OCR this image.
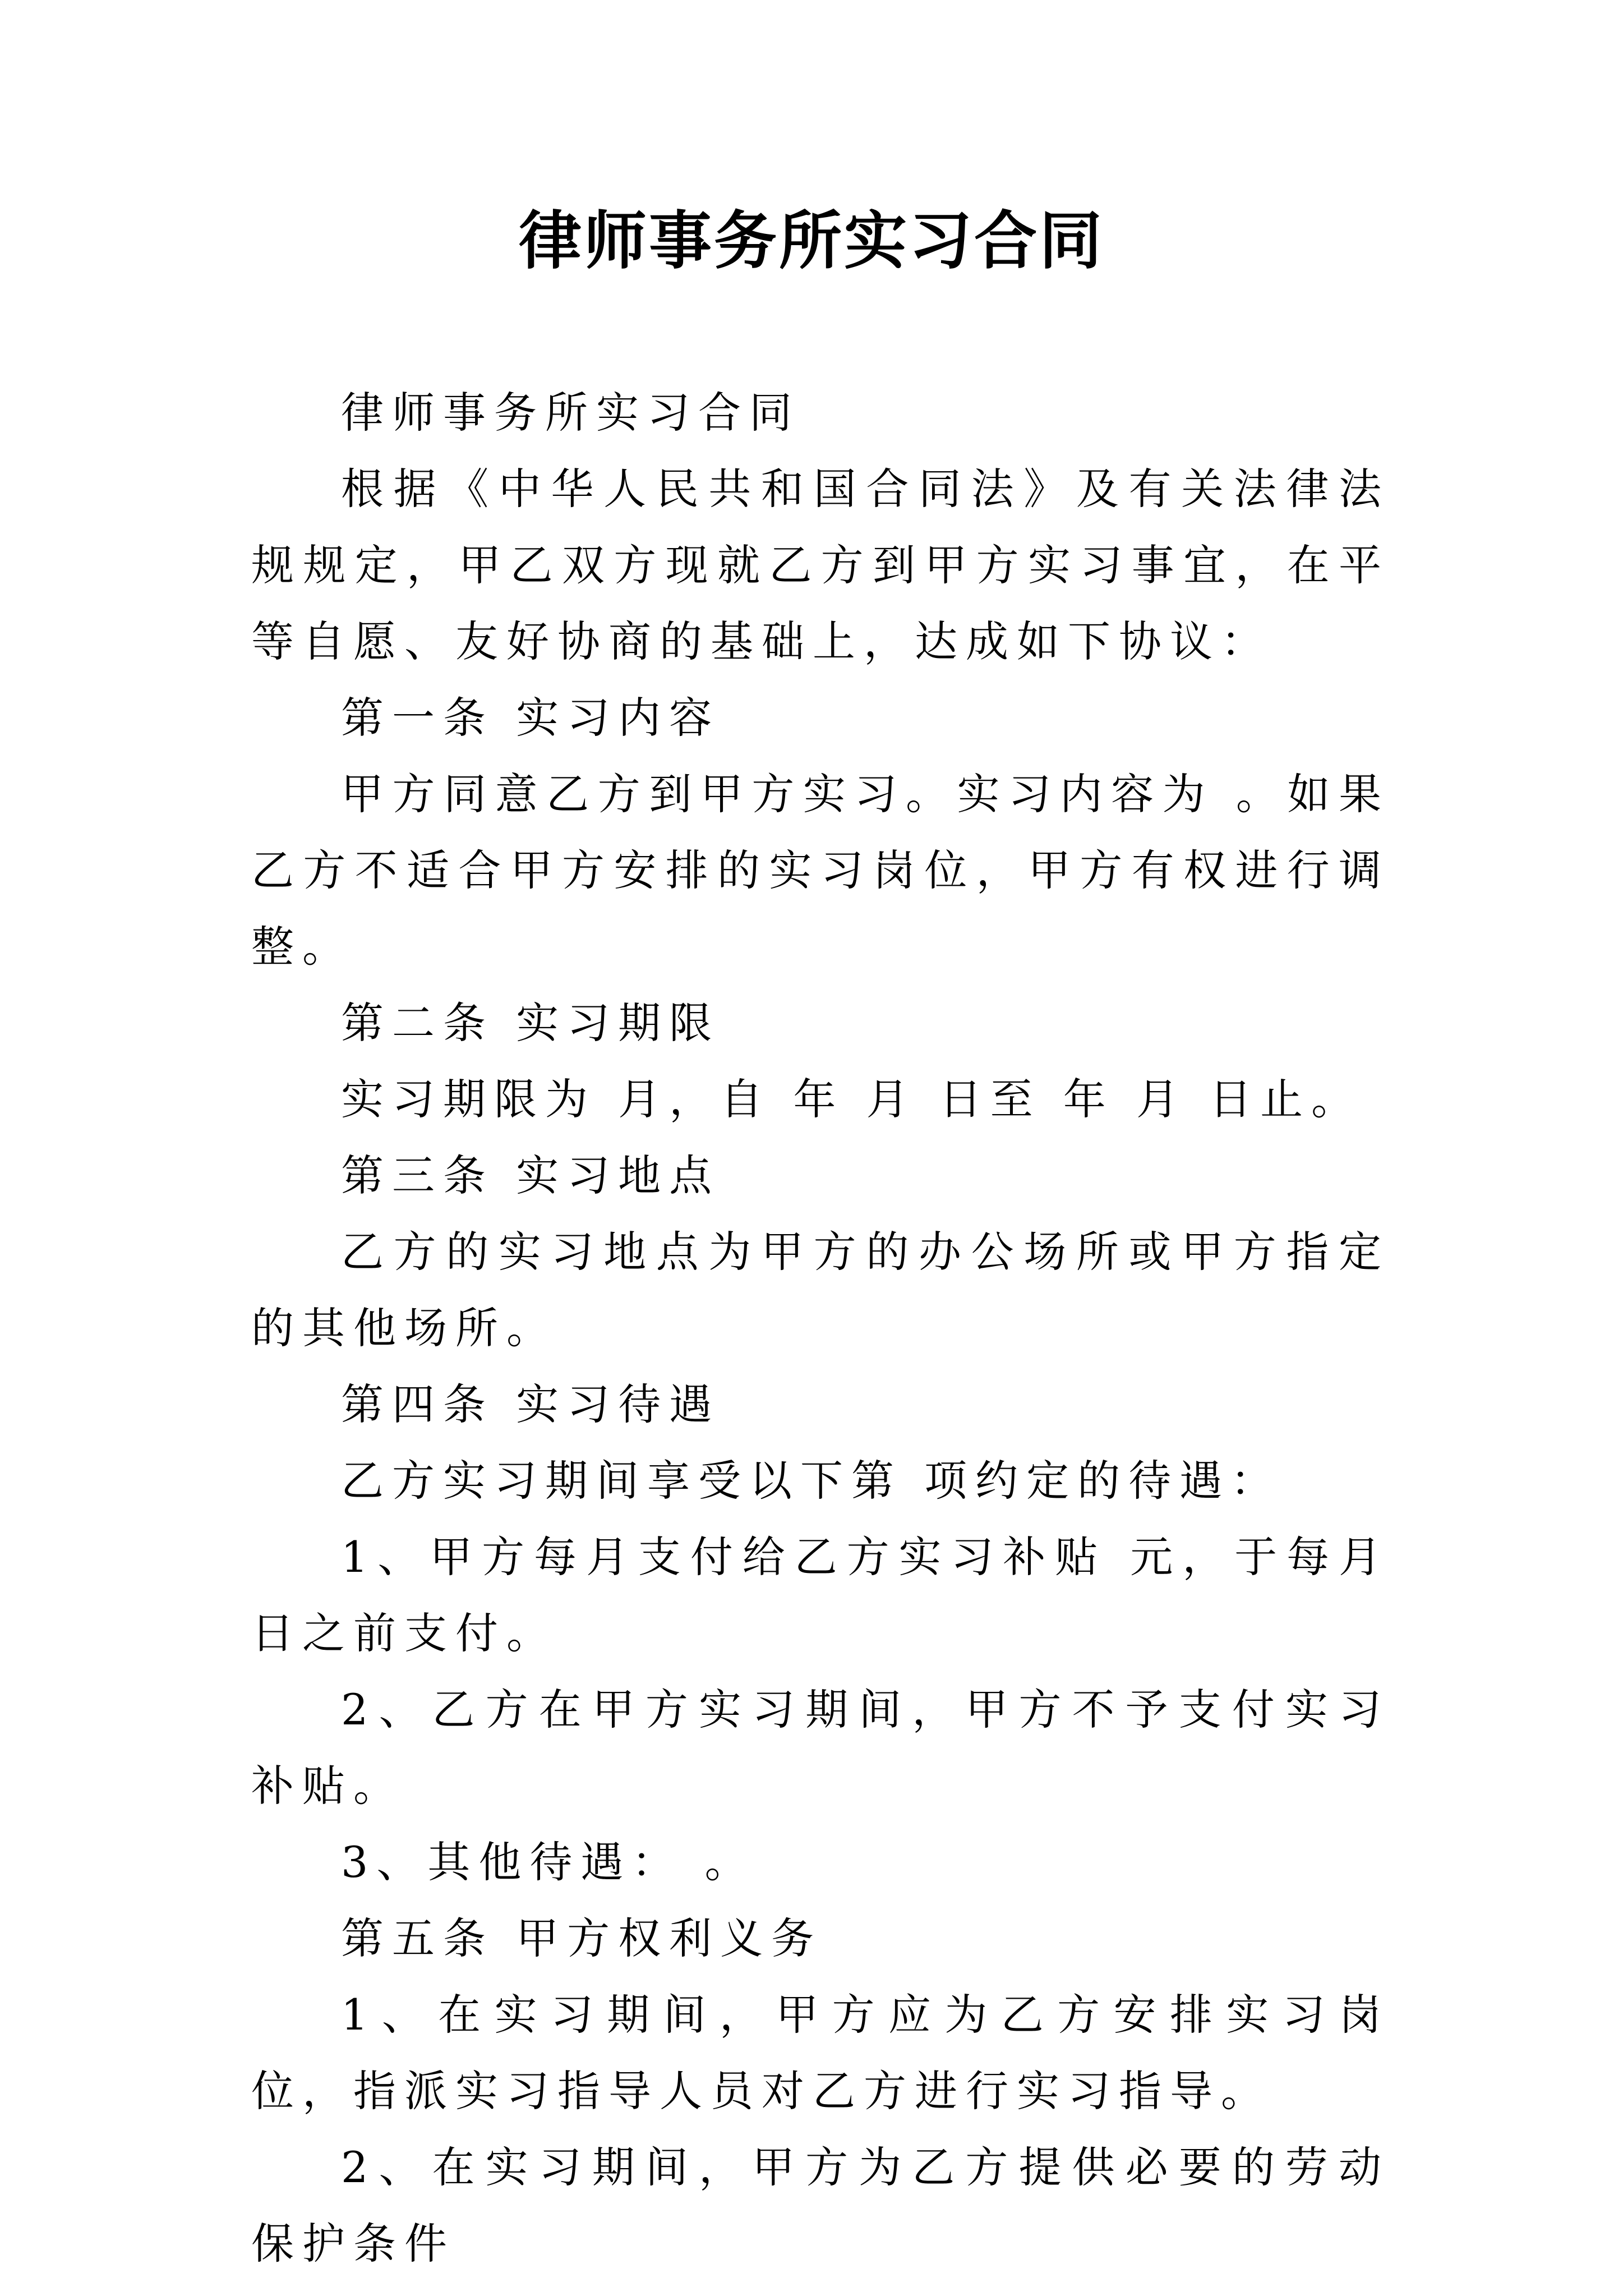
律师事务所实习合同

律师事务所实习合同

根据《中华人民共和国合同法》及有关法律法规规定，甲乙双方现就乙方到甲方实习事宜，在平等自愿、友好协商的基础上，达成如下协议：

第一条 实习内容

甲方同意乙方到甲方实习。实习内容为 。如果乙方不适合甲方安排的实习岗位，甲方有权进行调整。

第二条 实习期限

实习期限为 月，自 年 月 日至 年 月 日止。

第三条 实习地点

乙方的实习地点为甲方的办公场所或甲方指定的其他场所。

第四条 实习待遇

乙方实习期间享受以下第 项约定的待遇：

1、甲方每月支付给乙方实习补贴 元，于每月 日之前支付。

2、乙方在甲方实习期间，甲方不予支付实习补贴。

3、其他待遇： 。

第五条 甲方权利义务

1、在实习期间，甲方应为乙方安排实习岗位，指派实习指导人员对乙方进行实习指导。

2、在实习期间，甲方为乙方提供必要的劳动保护条件
